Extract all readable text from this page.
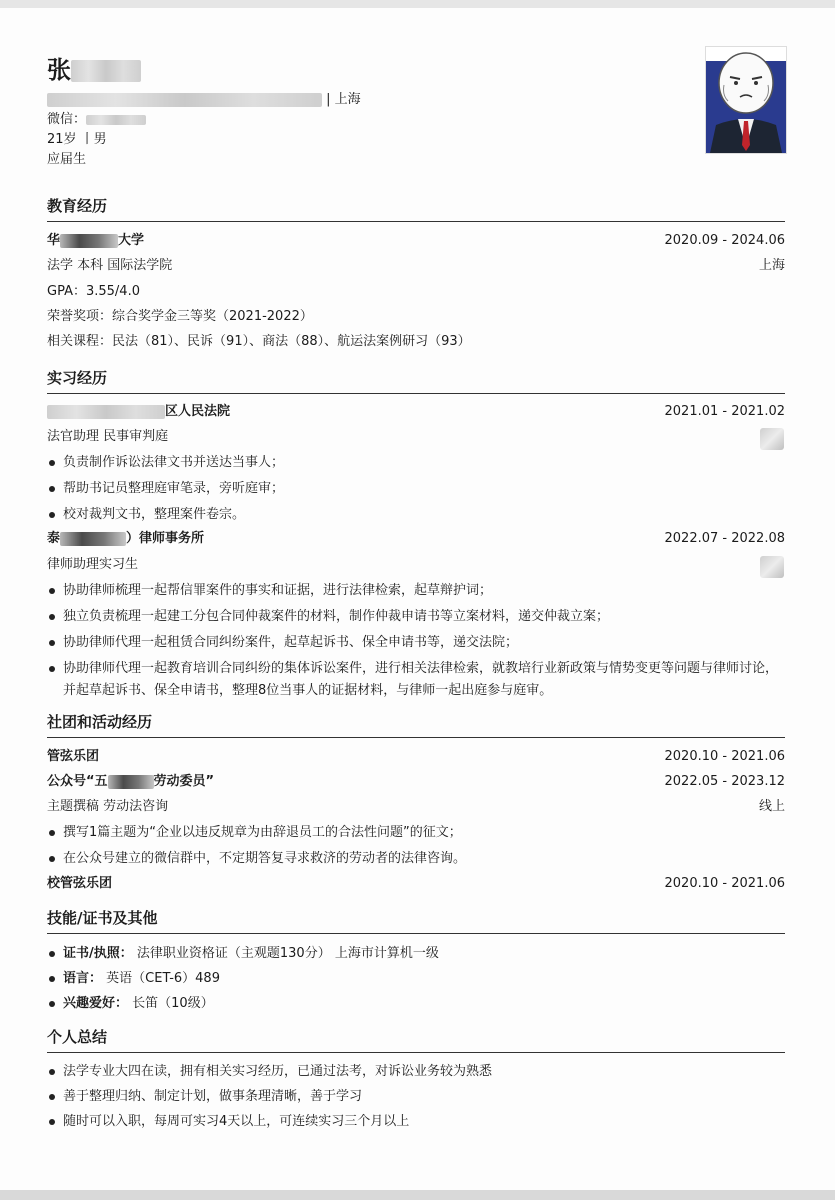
张
| 上海
微信：
21岁 丨男
应届生
教育经历
华	大学	2020.09 - 2024.06
法学 本科 国际法学院	上海
GPA：3.55/4.0
荣誉奖项：综合奖学金三等奖（2021-2022）
相关课程：民法（81）、民诉（91）、商法（88）、航运法案例研习（93）
实习经历
区人民法院	2021.01 - 2021.02
法官助理 民事审判庭
负责制作诉讼法律文书并送达当事人；
帮助书记员整理庭审笔录，旁听庭审；
校对裁判文书，整理案件卷宗。
泰	）律师事务所	2022.07 - 2022.08
律师助理实习生
协助律师梳理一起帮信罪案件的事实和证据，进行法律检索，起草辩护词；
独立负责梳理一起建工分包合同仲裁案件的材料，制作仲裁申请书等立案材料，递交仲裁立案；
协助律师代理一起租赁合同纠纷案件，起草起诉书、保全申请书等，递交法院；
协助律师代理一起教育培训合同纠纷的集体诉讼案件，进行相关法律检索，就教培行业新政策与情势变更等问题与律师讨论，并起草起诉书、保全申请书，整理8位当事人的证据材料，与律师一起出庭参与庭审。
社团和活动经历
管弦乐团	2020.10 - 2021.06
公众号“五	劳动委员”	2022.05 - 2023.12
主题撰稿 劳动法咨询	线上
撰写1篇主题为“企业以违反规章为由辞退员工的合法性问题”的征文；
在公众号建立的微信群中，不定期答复寻求救济的劳动者的法律咨询。
校管弦乐团	2020.10 - 2021.06
技能/证书及其他
证书/执照： 法律职业资格证（主观题130分） 上海市计算机一级
语言： 英语（CET-6）489
兴趣爱好： 长笛（10级）
个人总结
法学专业大四在读，拥有相关实习经历，已通过法考，对诉讼业务较为熟悉
善于整理归纳、制定计划，做事条理清晰，善于学习
随时可以入职，每周可实习4天以上，可连续实习三个月以上
